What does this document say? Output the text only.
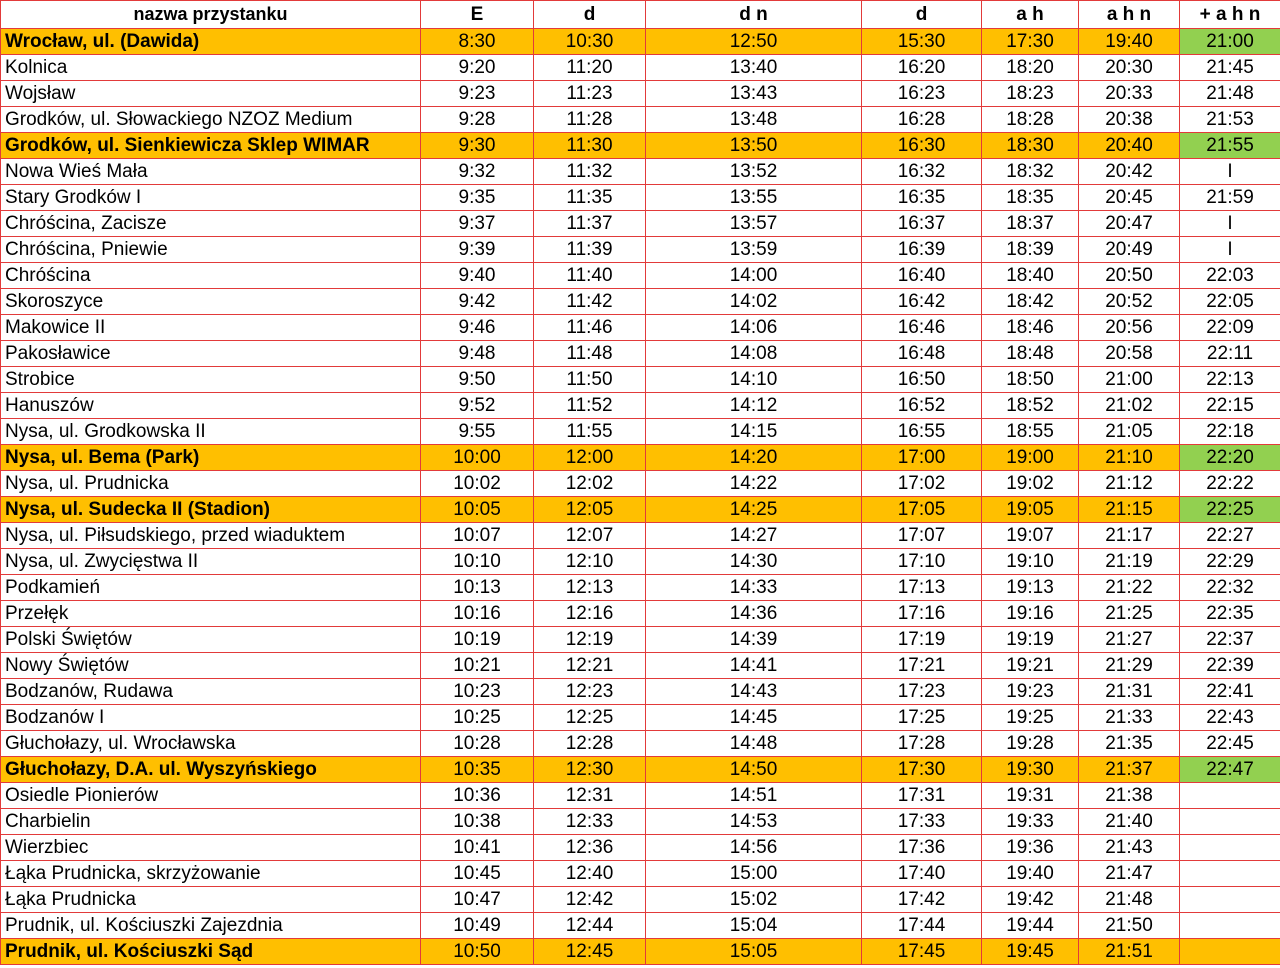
nazwa przystanku	E	d	d n	d	a h	a h n	+ a h n
Wrocław, ul. (Dawida)	8:30	10:30	12:50	15:30	17:30	19:40	21:00
Kolnica	9:20	11:20	13:40	16:20	18:20	20:30	21:45
Wojsław	9:23	11:23	13:43	16:23	18:23	20:33	21:48
Grodków, ul. Słowackiego NZOZ Medium	9:28	11:28	13:48	16:28	18:28	20:38	21:53
Grodków, ul. Sienkiewicza Sklep WIMAR	9:30	11:30	13:50	16:30	18:30	20:40	21:55
Nowa Wieś Mała	9:32	11:32	13:52	16:32	18:32	20:42	I
Stary Grodków I	9:35	11:35	13:55	16:35	18:35	20:45	21:59
Chróścina, Zacisze	9:37	11:37	13:57	16:37	18:37	20:47	I
Chróścina, Pniewie	9:39	11:39	13:59	16:39	18:39	20:49	I
Chróścina	9:40	11:40	14:00	16:40	18:40	20:50	22:03
Skoroszyce	9:42	11:42	14:02	16:42	18:42	20:52	22:05
Makowice II	9:46	11:46	14:06	16:46	18:46	20:56	22:09
Pakosławice	9:48	11:48	14:08	16:48	18:48	20:58	22:11
Strobice	9:50	11:50	14:10	16:50	18:50	21:00	22:13
Hanuszów	9:52	11:52	14:12	16:52	18:52	21:02	22:15
Nysa, ul. Grodkowska II	9:55	11:55	14:15	16:55	18:55	21:05	22:18
Nysa, ul. Bema (Park)	10:00	12:00	14:20	17:00	19:00	21:10	22:20
Nysa, ul. Prudnicka	10:02	12:02	14:22	17:02	19:02	21:12	22:22
Nysa, ul. Sudecka II (Stadion)	10:05	12:05	14:25	17:05	19:05	21:15	22:25
Nysa, ul. Piłsudskiego, przed wiaduktem	10:07	12:07	14:27	17:07	19:07	21:17	22:27
Nysa, ul. Zwycięstwa II	10:10	12:10	14:30	17:10	19:10	21:19	22:29
Podkamień	10:13	12:13	14:33	17:13	19:13	21:22	22:32
Przełęk	10:16	12:16	14:36	17:16	19:16	21:25	22:35
Polski Świętów	10:19	12:19	14:39	17:19	19:19	21:27	22:37
Nowy Świętów	10:21	12:21	14:41	17:21	19:21	21:29	22:39
Bodzanów, Rudawa	10:23	12:23	14:43	17:23	19:23	21:31	22:41
Bodzanów I	10:25	12:25	14:45	17:25	19:25	21:33	22:43
Głuchołazy, ul. Wrocławska	10:28	12:28	14:48	17:28	19:28	21:35	22:45
Głuchołazy, D.A. ul. Wyszyńskiego	10:35	12:30	14:50	17:30	19:30	21:37	22:47
Osiedle Pionierów	10:36	12:31	14:51	17:31	19:31	21:38	
Charbielin	10:38	12:33	14:53	17:33	19:33	21:40	
Wierzbiec	10:41	12:36	14:56	17:36	19:36	21:43	
Łąka Prudnicka, skrzyżowanie	10:45	12:40	15:00	17:40	19:40	21:47	
Łąka Prudnicka	10:47	12:42	15:02	17:42	19:42	21:48	
Prudnik, ul. Kościuszki Zajezdnia	10:49	12:44	15:04	17:44	19:44	21:50	
Prudnik, ul. Kościuszki Sąd	10:50	12:45	15:05	17:45	19:45	21:51	
